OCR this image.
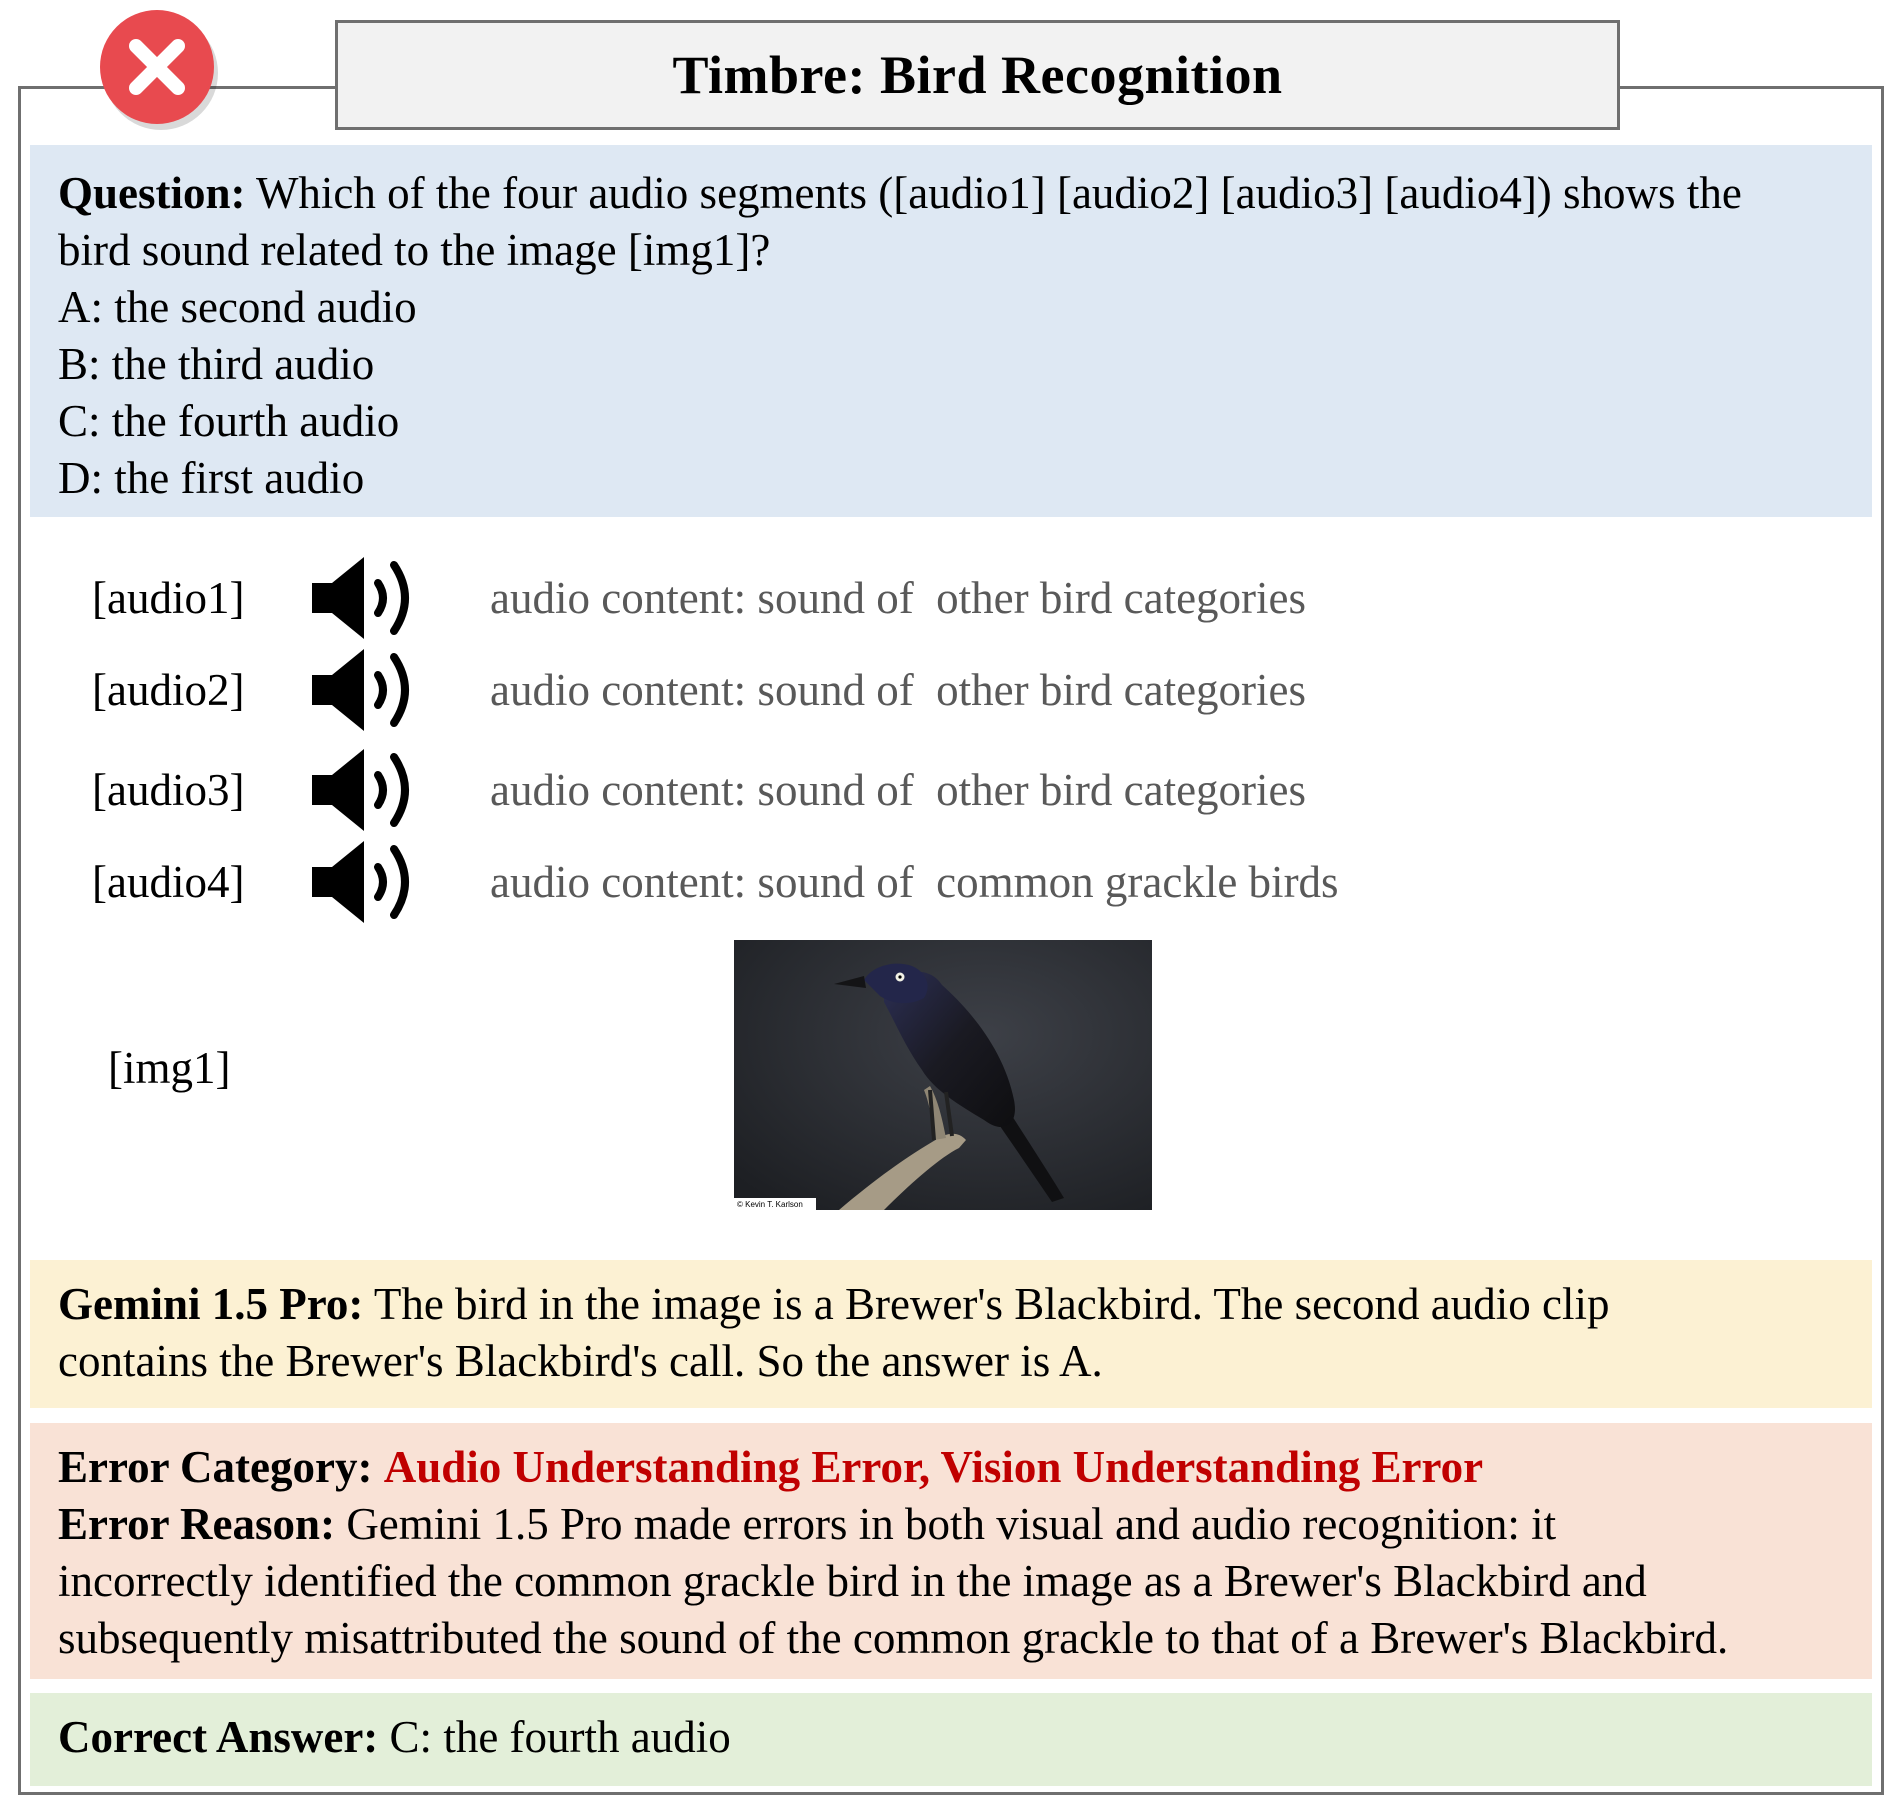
Timbre: Bird Recognition
Question: Which of the four audio segments ([audio1] [audio2] [audio3] [audio4]) shows the
bird sound related to the image [img1]?
A: the second audio
B: the third audio
C: the fourth audio
D: the first audio
[audio1]	audio content: sound of  other bird categories
[audio2]	audio content: sound of  other bird categories
[audio3]	audio content: sound of  other bird categories
[audio4]	audio content: sound of  common grackle birds
[img1]
© Kevin T. Karlson
Gemini 1.5 Pro: The bird in the image is a Brewer's Blackbird. The second audio clip
contains the Brewer's Blackbird's call. So the answer is A.
Error Category: Audio Understanding Error, Vision Understanding Error
Error Reason: Gemini 1.5 Pro made errors in both visual and audio recognition: it
incorrectly identified the common grackle bird in the image as a Brewer's Blackbird and
subsequently misattributed the sound of the common grackle to that of a Brewer's Blackbird.
Correct Answer: C: the fourth audio
